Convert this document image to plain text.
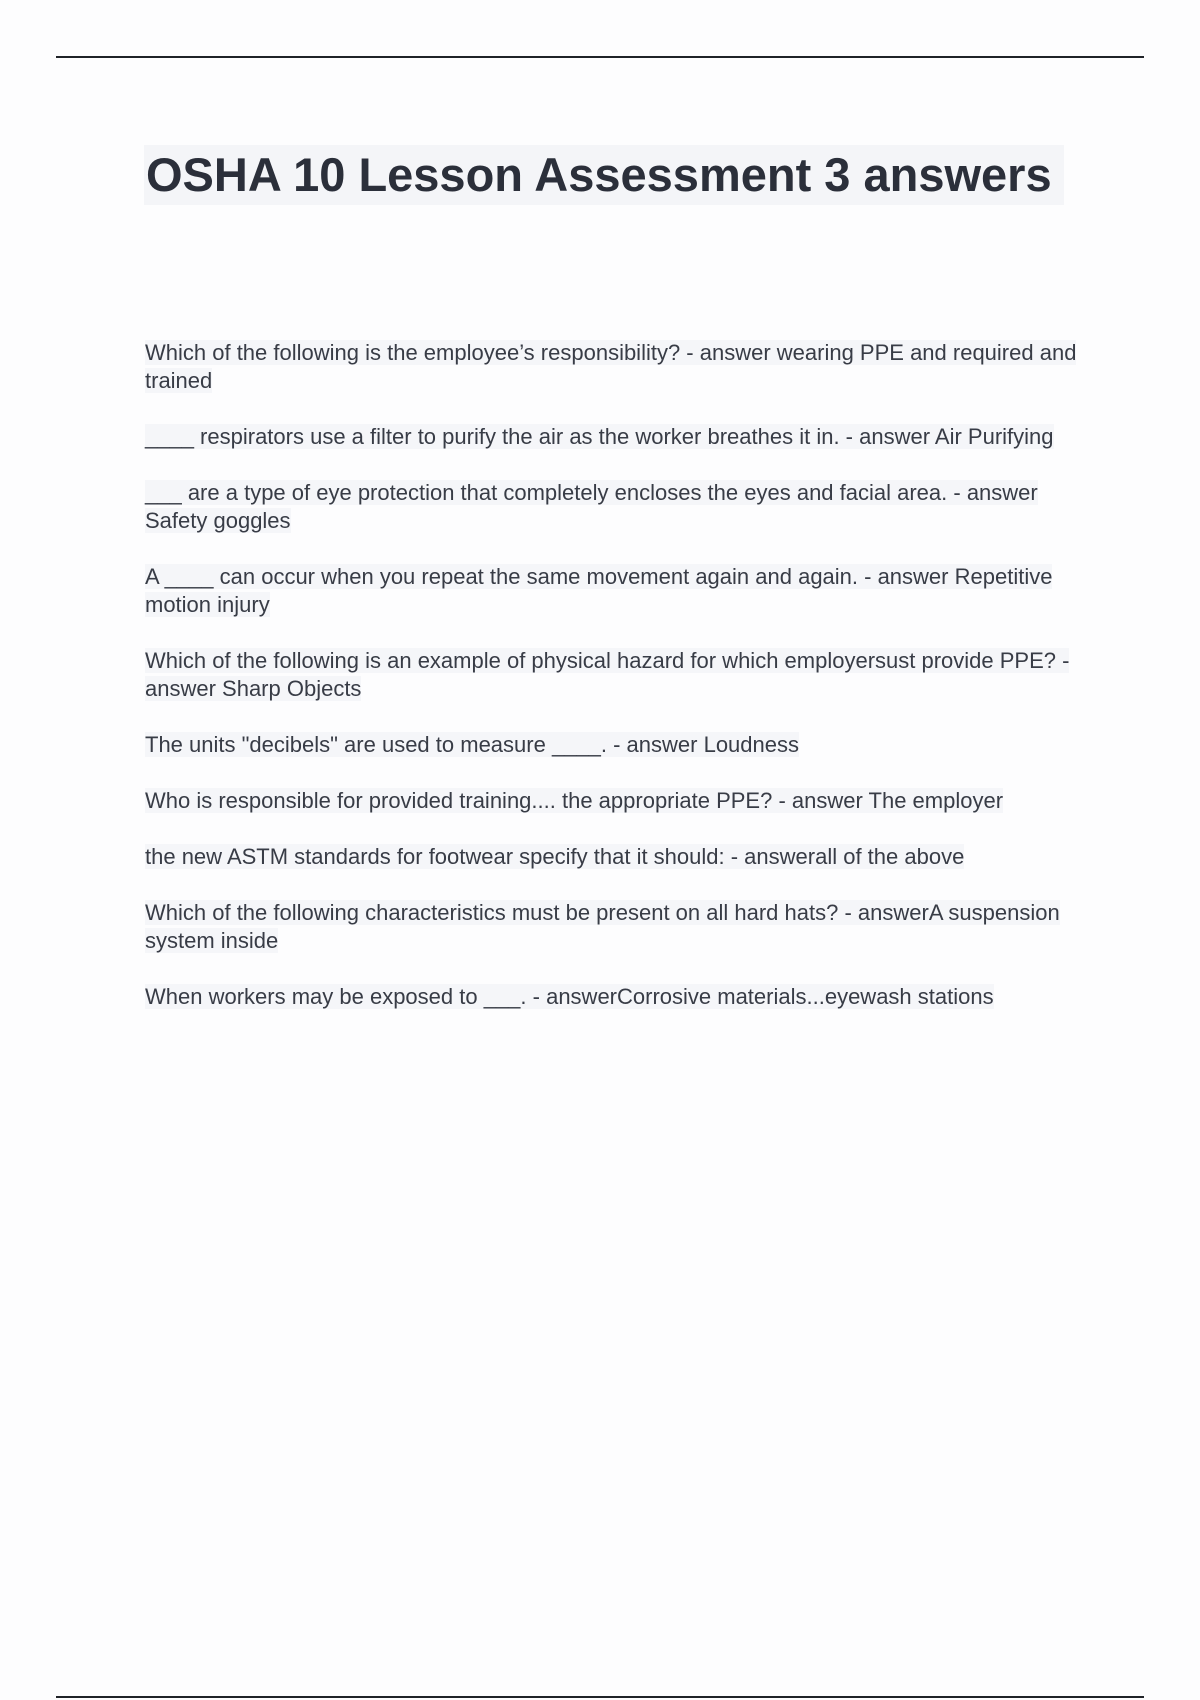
OSHA 10 Lesson Assessment 3 answers
Which of the following is the employee’s responsibility? - answer wearing PPE and required and trained
____ respirators use a filter to purify the air as the worker breathes it in. - answer Air Purifying
___ are a type of eye protection that completely encloses the eyes and facial area. - answer Safety goggles
A ____ can occur when you repeat the same movement again and again. - answer Repetitive motion injury
Which of the following is an example of physical hazard for which employersust provide PPE? - answer Sharp Objects
The units "decibels" are used to measure ____. - answer Loudness
Who is responsible for provided training.... the appropriate PPE? - answer The employer
the new ASTM standards for footwear specify that it should: - answerall of the above
Which of the following characteristics must be present on all hard hats? - answerA suspension system inside
When workers may be exposed to ___. - answerCorrosive materials...eyewash stations
